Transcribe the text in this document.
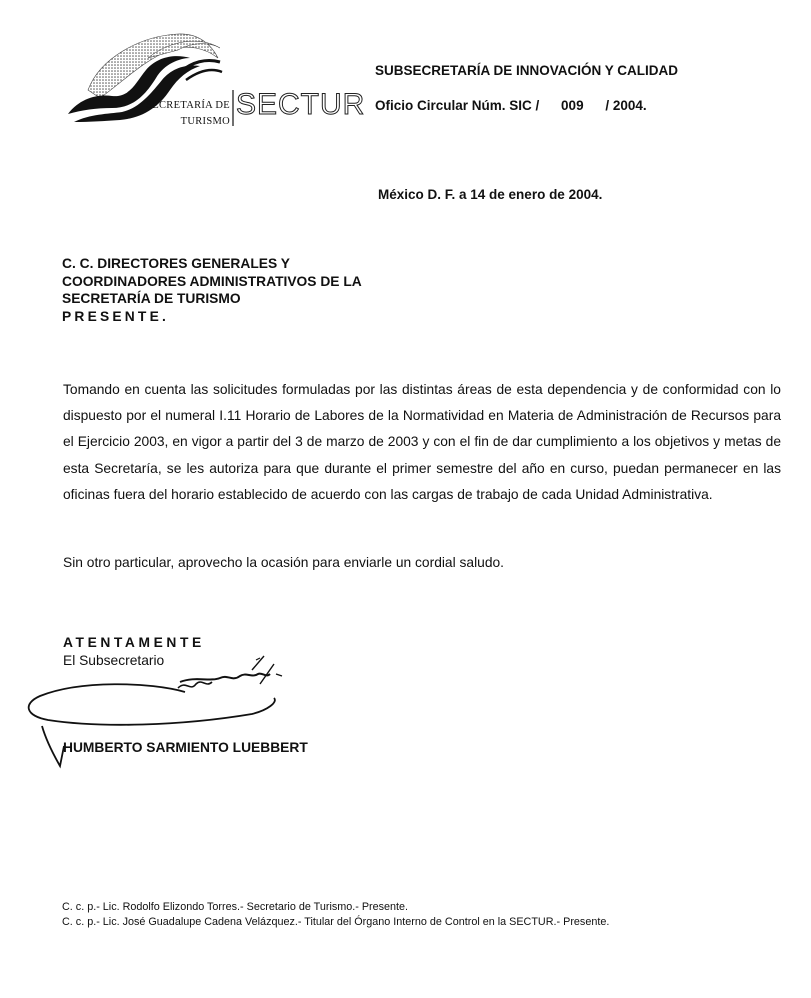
SECRETARÍA DE
TURISMO
SECTUR
SUBSECRETARÍA DE INNOVACIÓN Y CALIDAD
Oficio Circular Núm. SIC / 009 / 2004.
México D. F. a 14 de enero de 2004.
C. C. DIRECTORES GENERALES Y
COORDINADORES ADMINISTRATIVOS DE LA
SECRETARÍA DE TURISMO
PRESENTE.
Tomando en cuenta las solicitudes formuladas por las distintas áreas de esta dependencia y de conformidad con lo dispuesto por el numeral I.11 Horario de Labores de la Normatividad en Materia de Administración de Recursos para el Ejercicio 2003, en vigor a partir del 3 de marzo de 2003 y con el fin de dar cumplimiento a los objetivos y metas de esta Secretaría, se les autoriza para que durante el primer semestre del año en curso, puedan permanecer en las oficinas fuera del horario establecido de acuerdo con las cargas de trabajo de cada Unidad Administrativa.
Sin otro particular, aprovecho la ocasión para enviarle un cordial saludo.
ATENTAMENTE
El Subsecretario
HUMBERTO SARMIENTO LUEBBERT
C. c. p.- Lic. Rodolfo Elizondo Torres.- Secretario de Turismo.- Presente.
C. c. p.- Lic. José Guadalupe Cadena Velázquez.- Titular del Órgano Interno de Control en la SECTUR.- Presente.
